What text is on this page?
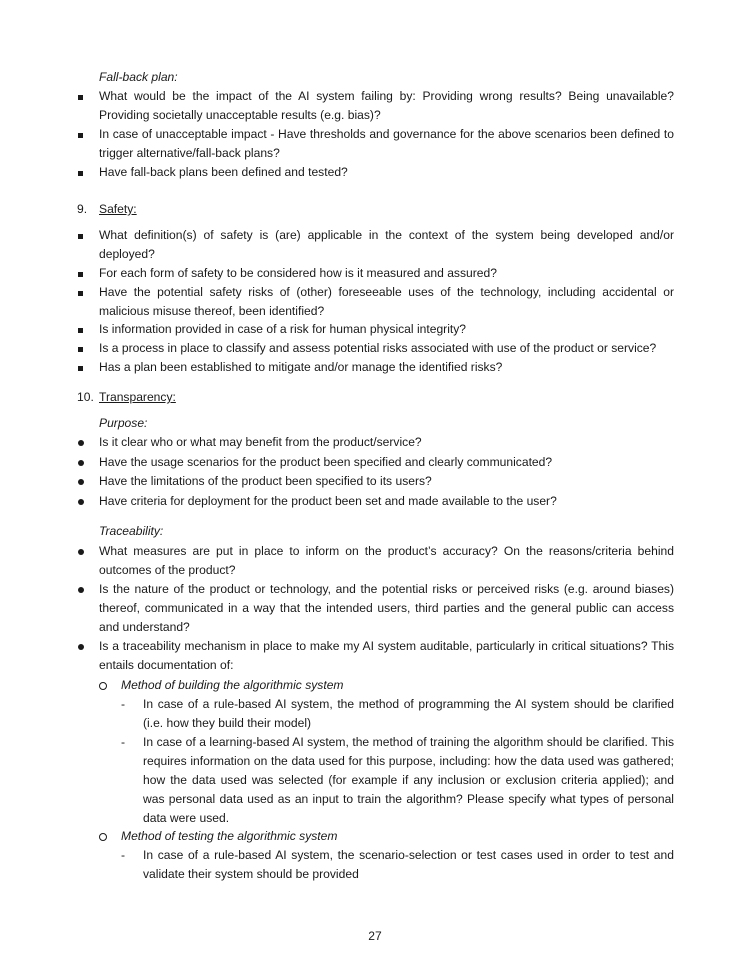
Fall-back plan:
What would be the impact of the AI system failing by: Providing wrong results? Being unavailable? Providing societally unacceptable results (e.g. bias)?
In case of unacceptable impact - Have thresholds and governance for the above scenarios been defined to trigger alternative/fall-back plans?
Have fall-back plans been defined and tested?
9. Safety:
What definition(s) of safety is (are) applicable in the context of the system being developed and/or deployed?
For each form of safety to be considered how is it measured and assured?
Have the potential safety risks of (other) foreseeable uses of the technology, including accidental or malicious misuse thereof, been identified?
Is information provided in case of a risk for human physical integrity?
Is a process in place to classify and assess potential risks associated with use of the product or service?
Has a plan been established to mitigate and/or manage the identified risks?
10. Transparency:
Purpose:
Is it clear who or what may benefit from the product/service?
Have the usage scenarios for the product been specified and clearly communicated?
Have the limitations of the product been specified to its users?
Have criteria for deployment for the product been set and made available to the user?
Traceability:
What measures are put in place to inform on the product’s accuracy? On the reasons/criteria behind outcomes of the product?
Is the nature of the product or technology, and the potential risks or perceived risks (e.g. around biases) thereof, communicated in a way that the intended users, third parties and the general public can access and understand?
Is a traceability mechanism in place to make my AI system auditable, particularly in critical situations? This entails documentation of:
Method of building the algorithmic system
-	In case of a rule-based AI system, the method of programming the AI system should be clarified (i.e. how they build their model)
-	In case of a learning-based AI system, the method of training the algorithm should be clarified. This requires information on the data used for this purpose, including: how the data used was gathered; how the data used was selected (for example if any inclusion or exclusion criteria applied); and was personal data used as an input to train the algorithm? Please specify what types of personal data were used.
Method of testing the algorithmic system
-	In case of a rule-based AI system, the scenario-selection or test cases used in order to test and validate their system should be provided
27
